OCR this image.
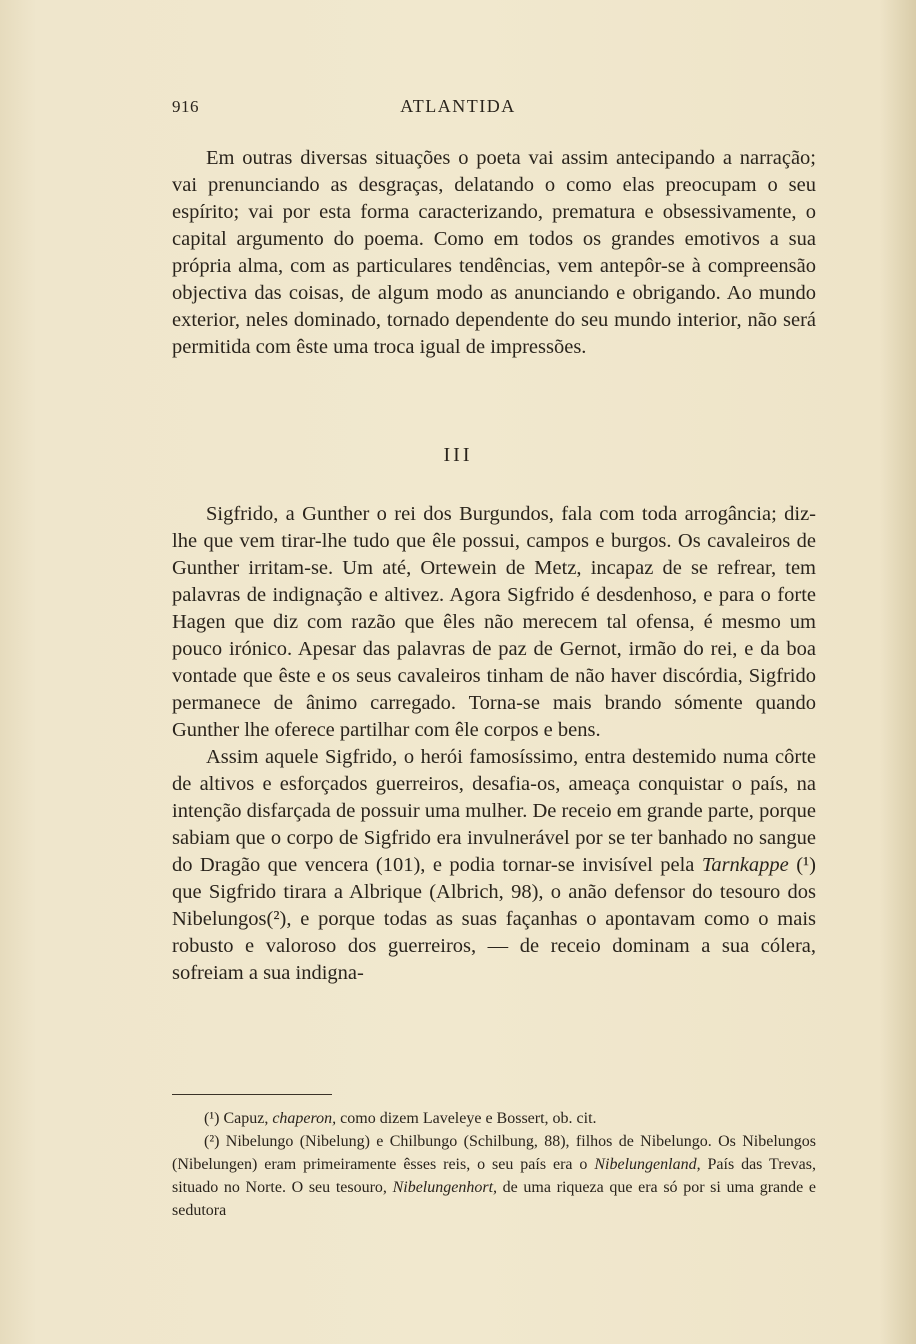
916	ATLANTIDA

Em outras diversas situações o poeta vai assim antecipando a narração; vai prenunciando as desgraças, delatando o como elas preocupam o seu espírito; vai por esta forma caracterizando, prematura e obsessivamente, o capital argumento do poema. Como em todos os grandes emotivos a sua própria alma, com as particulares tendências, vem antepôr-se à compreensão objectiva das coisas, de algum modo as anunciando e obrigando. Ao mundo exterior, neles dominado, tornado dependente do seu mundo interior, não será permitida com êste uma troca igual de impressões.

III

Sigfrido, a Gunther o rei dos Burgundos, fala com toda arrogância; diz-lhe que vem tirar-lhe tudo que êle possui, campos e burgos. Os cavaleiros de Gunther irritam-se. Um até, Ortewein de Metz, incapaz de se refrear, tem palavras de indignação e altivez. Agora Sigfrido é desdenhoso, e para o forte Hagen que diz com razão que êles não merecem tal ofensa, é mesmo um pouco irónico. Apesar das palavras de paz de Gernot, irmão do rei, e da boa vontade que êste e os seus cavaleiros tinham de não haver discórdia, Sigfrido permanece de ânimo carregado. Torna-se mais brando sómente quando Gunther lhe oferece partilhar com êle corpos e bens.

Assim aquele Sigfrido, o herói famosíssimo, entra destemido numa côrte de altivos e esforçados guerreiros, desafia-os, ameaça conquistar o país, na intenção disfarçada de possuir uma mulher. De receio em grande parte, porque sabiam que o corpo de Sigfrido era invulnerável por se ter banhado no sangue do Dragão que vencera (101), e podia tornar-se invisível pela Tarnkappe (¹) que Sigfrido tirara a Albrique (Albrich, 98), o anão defensor do tesouro dos Nibelungos(²), e porque todas as suas façanhas o apontavam como o mais robusto e valoroso dos guerreiros, — de receio dominam a sua cólera, sofreiam a sua indigna-

(¹) Capuz, chaperon, como dizem Laveleye e Bossert, ob. cit.

(²) Nibelungo (Nibelung) e Chilbungo (Schilbung, 88), filhos de Nibelungo. Os Nibelungos (Nibelungen) eram primeiramente êsses reis, o seu país era o Nibelungenland, País das Trevas, situado no Norte. O seu tesouro, Nibelungenhort, de uma riqueza que era só por si uma grande e sedutora
